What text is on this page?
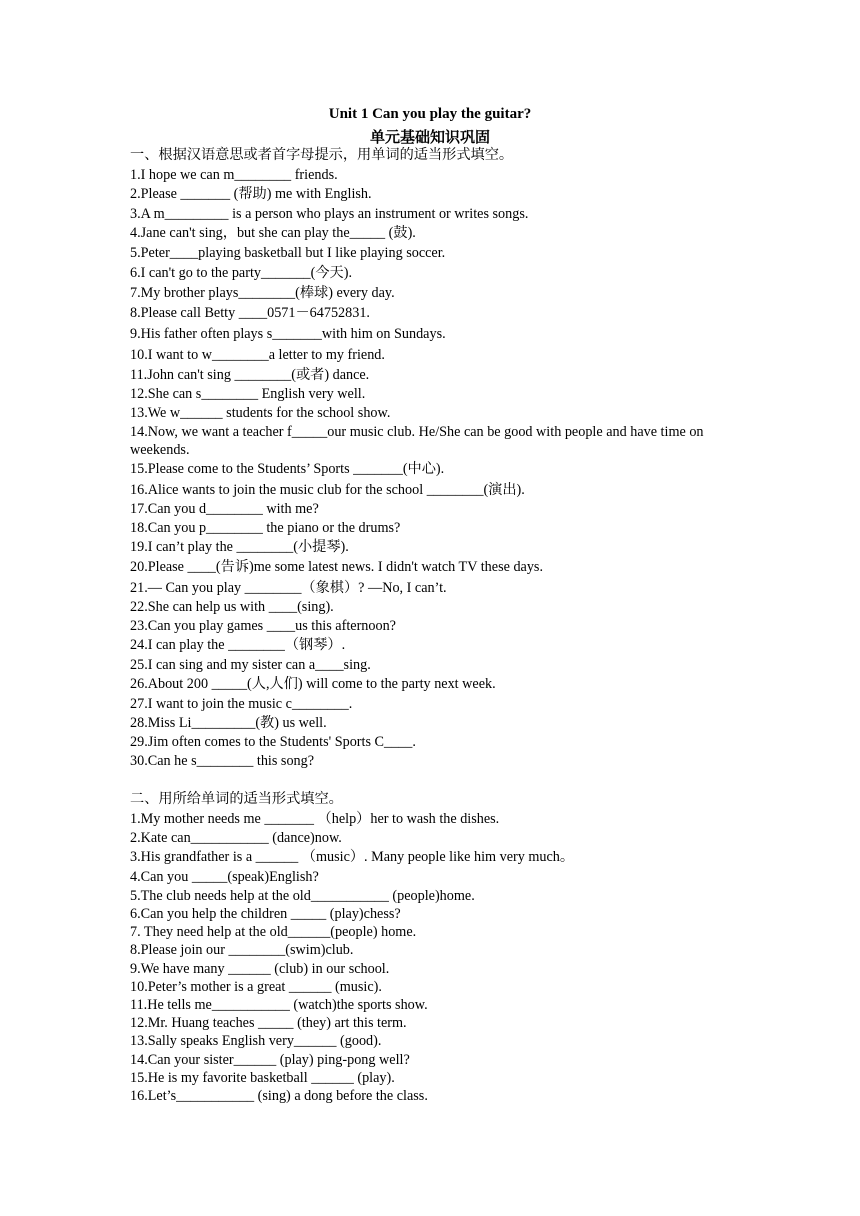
Unit 1 Can you play the guitar?
单元基础知识巩固
一、根据汉语意思或者首字母提示，用单词的适当形式填空。
1.I hope we can m________ friends.
2.Please _______ (帮助) me with English.
3.A m_________ is a person who plays an instrument or writes songs.
4.Jane can't sing，but she can play the_____ (鼓).
5.Peter____playing basketball but I like playing soccer.
6.I can't go to the party_______(今天).
7.My brother plays________(棒球) every day.
8.Please call Betty ____0571－64752831.
9.His father often plays s_______with him on Sundays.
10.I want to w________a letter to my friend.
11.John can't sing ________(或者) dance.
12.She can s________ English very well.
13.We w______ students for the school show.
14.Now, we want a teacher f_____our music club. He/She can be good with people and have time on weekends.
15.Please come to the Students’ Sports _______(中心).
16.Alice wants to join the music club for the school ________(演出).
17.Can you d________ with me?
18.Can you p________ the piano or the drums?
19.I can’t play the ________(小提琴).
20.Please ____(告诉)me some latest news. I didn't watch TV these days.
21.— Can you play ________（象棋）? —No, I can’t.
22.She can help us with ____(sing).
23.Can you play games ____us this afternoon?
24.I can play the ________（钢琴）.
25.I can sing and my sister can a____sing.
26.About 200 _____(人,人们) will come to the party next week.
27.I want to join the music c________.
28.Miss Li_________(教) us well.
29.Jim often comes to the Students' Sports C____.
30.Can he s________ this song?
二、用所给单词的适当形式填空。
1.My mother needs me _______ （help）her to wash the dishes.
2.Kate can___________ (dance)now.
3.His grandfather is a ______ （music）. Many people like him very much。
4.Can you _____(speak)English?
5.The club needs help at the old___________ (people)home.
6.Can you help the children _____ (play)chess?
7. They need help at the old______(people) home.
8.Please join our ________(swim)club.
9.We have many ______ (club) in our school.
10.Peter’s mother is a great ______ (music).
11.He tells me___________ (watch)the sports show.
12.Mr. Huang teaches _____ (they) art this term.
13.Sally speaks English very______ (good).
14.Can your sister______ (play) ping-pong well?
15.He is my favorite basketball ______ (play).
16.Let’s___________ (sing) a dong before the class.
